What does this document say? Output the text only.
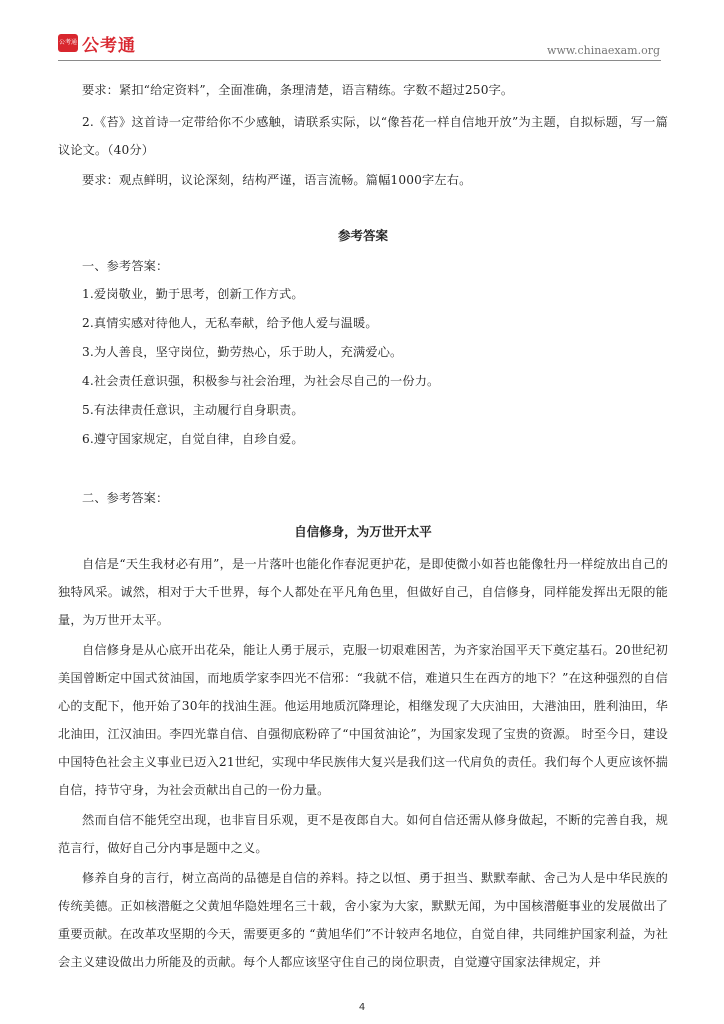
公考通 公考通	www.chinaexam.org

要求：紧扣“给定资料”，全面准确，条理清楚，语言精练。字数不超过250字。

2.《苔》这首诗一定带给你不少感触，请联系实际，以“像苔花一样自信地开放”为主题，自拟标题，写一篇议论文。（40分）

要求：观点鲜明，议论深刻，结构严谨，语言流畅。篇幅1000字左右。

参考答案

一、参考答案：

1.爱岗敬业，勤于思考，创新工作方式。
2.真情实感对待他人，无私奉献，给予他人爱与温暖。
3.为人善良，坚守岗位，勤劳热心，乐于助人，充满爱心。
4.社会责任意识强，积极参与社会治理，为社会尽自己的一份力。
5.有法律责任意识，主动履行自身职责。
6.遵守国家规定，自觉自律，自珍自爱。

二、参考答案：

自信修身，为万世开太平

自信是“天生我材必有用”，是一片落叶也能化作春泥更护花，是即使微小如苔也能像牡丹一样绽放出自己的独特风采。诚然，相对于大千世界，每个人都处在平凡角色里，但做好自己，自信修身，同样能发挥出无限的能量，为万世开太平。

自信修身是从心底开出花朵，能让人勇于展示，克服一切艰难困苦，为齐家治国平天下奠定基石。20世纪初美国曾断定中国式贫油国，而地质学家李四光不信邪：“我就不信，难道只生在西方的地下？”在这种强烈的自信心的支配下，他开始了30年的找油生涯。他运用地质沉降理论，相继发现了大庆油田，大港油田，胜利油田，华北油田，江汉油田。李四光靠自信、自强彻底粉碎了“中国贫油论”，为国家发现了宝贵的资源。 时至今日，建设中国特色社会主义事业已迈入21世纪，实现中华民族伟大复兴是我们这一代肩负的责任。我们每个人更应该怀揣自信，持节守身，为社会贡献出自己的一份力量。

然而自信不能凭空出现，也非盲目乐观，更不是夜郎自大。如何自信还需从修身做起，不断的完善自我，规范言行，做好自己分内事是题中之义。

修养自身的言行，树立高尚的品德是自信的养料。持之以恒、勇于担当、默默奉献、舍己为人是中华民族的传统美德。正如核潜艇之父黄旭华隐姓埋名三十载，舍小家为大家，默默无闻，为中国核潜艇事业的发展做出了重要贡献。在改革攻坚期的今天，需要更多的 “黄旭华们”不计较声名地位，自觉自律，共同维护国家利益，为社会主义建设做出力所能及的贡献。每个人都应该坚守住自己的岗位职责，自觉遵守国家法律规定，并

4
